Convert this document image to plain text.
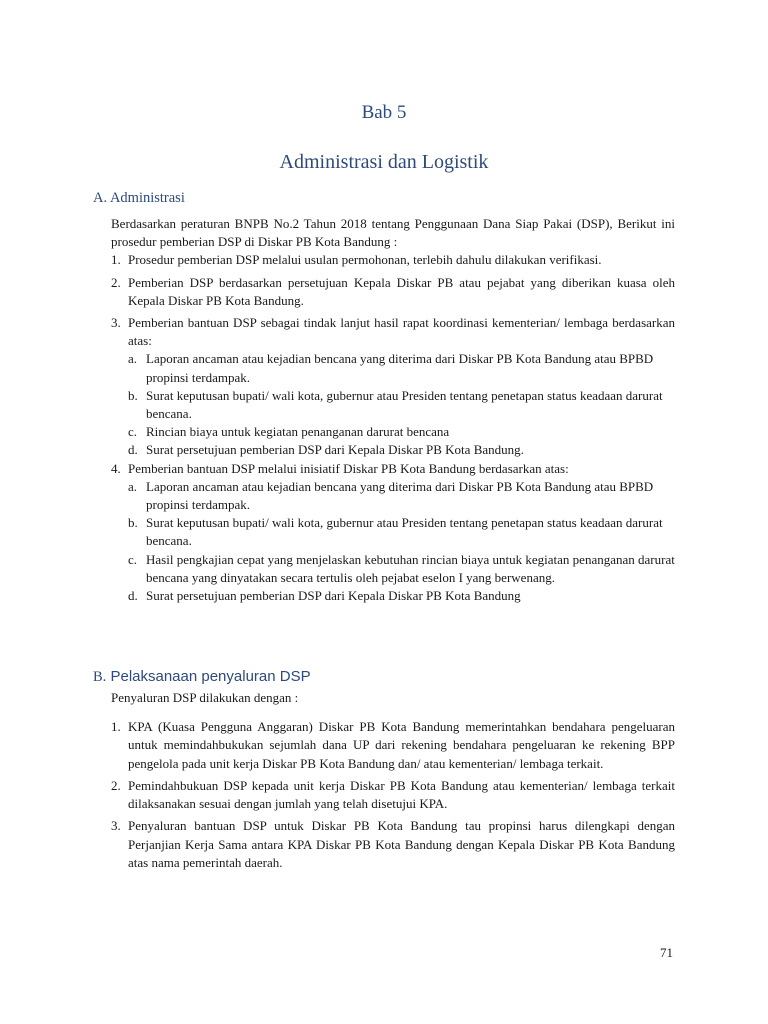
Bab 5
Administrasi dan Logistik
A. Administrasi
Berdasarkan peraturan BNPB No.2 Tahun 2018 tentang Penggunaan Dana Siap Pakai (DSP), Berikut ini prosedur pemberian DSP di Diskar PB Kota Bandung :
1. Prosedur pemberian DSP melalui usulan permohonan, terlebih dahulu dilakukan verifikasi.
2. Pemberian DSP berdasarkan persetujuan Kepala Diskar PB atau pejabat yang diberikan kuasa oleh Kepala Diskar PB Kota Bandung.
3. Pemberian bantuan DSP sebagai tindak lanjut hasil rapat koordinasi kementerian/ lembaga berdasarkan atas:
a. Laporan ancaman atau kejadian bencana yang diterima dari Diskar PB Kota Bandung atau BPBD propinsi terdampak.
b. Surat keputusan bupati/ wali kota, gubernur atau Presiden tentang penetapan status keadaan darurat bencana.
c. Rincian biaya untuk kegiatan penanganan darurat bencana
d. Surat persetujuan pemberian DSP dari Kepala Diskar PB Kota Bandung.
4. Pemberian bantuan DSP melalui inisiatif Diskar PB Kota Bandung berdasarkan atas:
a. Laporan ancaman atau kejadian bencana yang diterima dari Diskar PB Kota Bandung atau BPBD propinsi terdampak.
b. Surat keputusan bupati/ wali kota, gubernur atau Presiden tentang penetapan status keadaan darurat bencana.
c. Hasil pengkajian cepat yang menjelaskan kebutuhan rincian biaya untuk kegiatan penanganan darurat bencana yang dinyatakan secara tertulis oleh pejabat eselon I yang berwenang.
d. Surat persetujuan pemberian DSP dari Kepala Diskar PB Kota Bandung
B. Pelaksanaan penyaluran DSP
Penyaluran DSP dilakukan dengan :
1. KPA (Kuasa Pengguna Anggaran) Diskar PB Kota Bandung memerintahkan bendahara pengeluaran untuk memindahbukukan sejumlah dana UP dari rekening bendahara pengeluaran ke rekening BPP pengelola pada unit kerja Diskar PB Kota Bandung dan/ atau kementerian/ lembaga terkait.
2. Pemindahbukuan DSP kepada unit kerja Diskar PB Kota Bandung atau kementerian/ lembaga terkait dilaksanakan sesuai dengan jumlah yang telah disetujui KPA.
3. Penyaluran bantuan DSP untuk Diskar PB Kota Bandung tau propinsi harus dilengkapi dengan Perjanjian Kerja Sama antara KPA Diskar PB Kota Bandung dengan Kepala Diskar PB Kota Bandung atas nama pemerintah daerah.
71
